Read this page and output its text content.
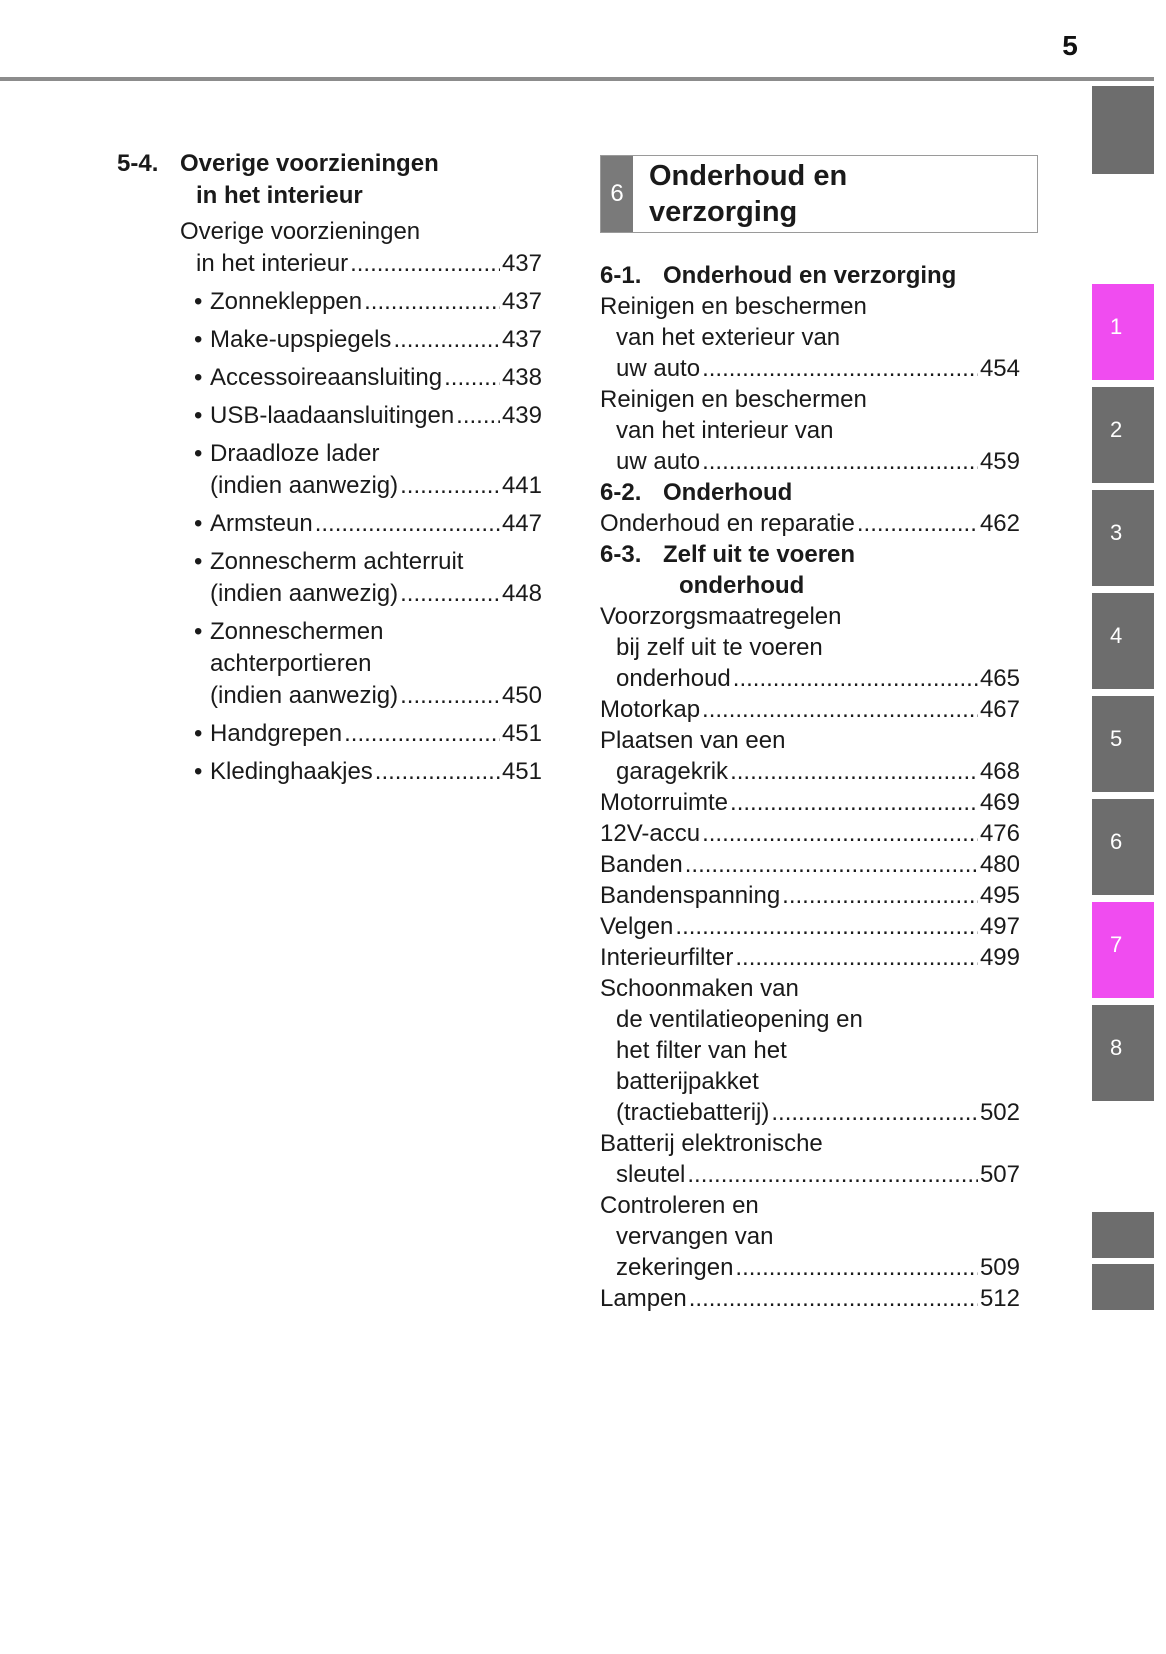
5
5-4. Overige voorzieningen
in het interieur
Overige voorzieningen
in het interieur .....	437
• Zonnekleppen .....	437
• Make-upspiegels .....	437
• Accessoireaansluiting ..... 438
• USB-laadaansluitingen ..... 439
• Draadloze lader
(indien aanwezig) .....	441
• Armsteun .....	447
• Zonnescherm achterruit
(indien aanwezig) .....	448
• Zonneschermen
achterportieren
(indien aanwezig) .....	450
• Handgrepen .....	451
• Kledinghaakjes .....	451
6
Onderhoud en
verzorging
6-1. Onderhoud en verzorging
Reinigen en beschermen
van het exterieur van
uw auto .....	454
Reinigen en beschermen
van het interieur van
uw auto .....	459
6-2. Onderhoud
Onderhoud en reparatie .....	462
6-3. Zelf uit te voeren
onderhoud
Voorzorgsmaatregelen
bij zelf uit te voeren
onderhoud .....	465
Motorkap .....	467
Plaatsen van een
garagekrik .....	468
Motorruimte .....	469
12V-accu .....	476
Banden .....	480
Bandenspanning .....	495
Velgen .....	497
Interieurfilter .....	499
Schoonmaken van
de ventilatieopening en
het filter van het
batterijpakket
(tractiebatterij) .....	502
Batterij elektronische
sleutel .....	507
Controleren en
vervangen van
zekeringen .....	509
Lampen .....	512
1
2
3
4
5
6
7
8
